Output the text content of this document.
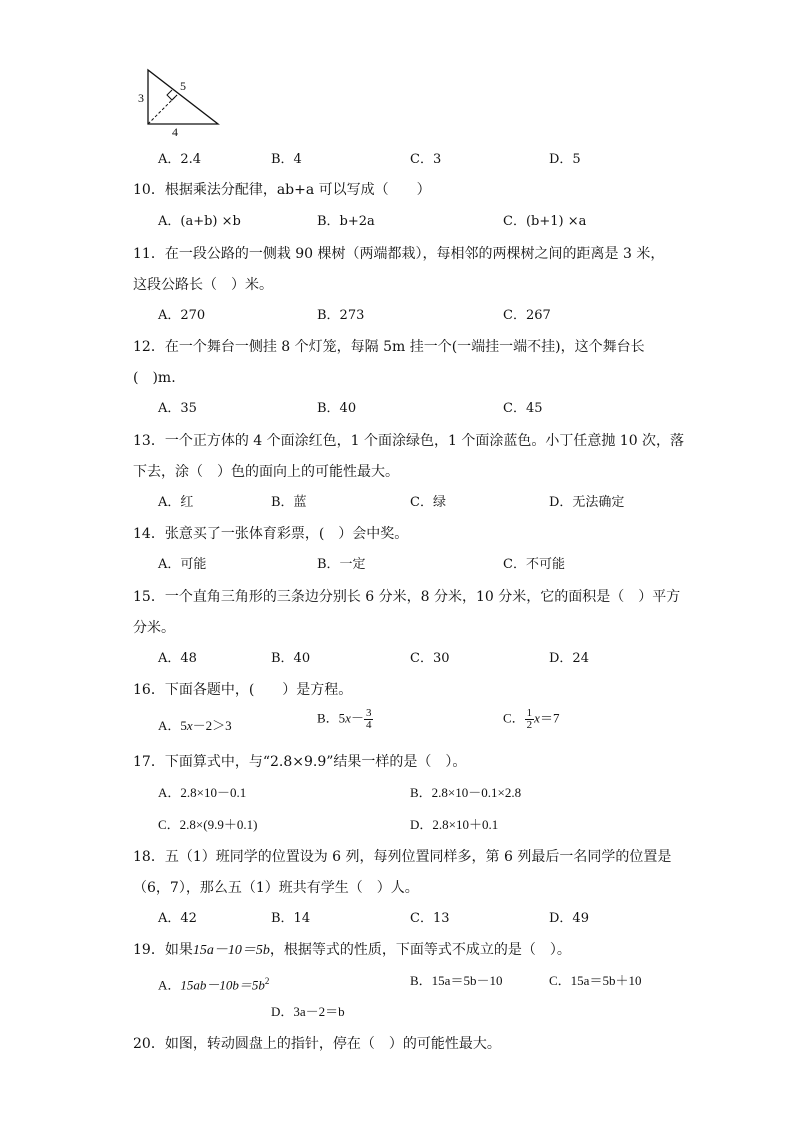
3
5
4
A．2.4	B．4	C．3	D．5
10．根据乘法分配律，ab+a 可以写成（　　）
A．(a+b) ×b	B．b+2a	C．(b+1) ×a
11．在一段公路的一侧栽 90 棵树（两端都栽），每相邻的两棵树之间的距离是 3 米，
这段公路长（　）米。
A．270	B．273	C．267
12．在一个舞台一侧挂 8 个灯笼，每隔 5m 挂一个(一端挂一端不挂)，这个舞台长
(　)m.
A．35	B．40	C．45
13．一个正方体的 4 个面涂红色，1 个面涂绿色，1 个面涂蓝色。小丁任意抛 10 次，落
下去，涂（　）色的面向上的可能性最大。
A．红	B．蓝	C．绿	D．无法确定
14．张意买了一张体育彩票，(　）会中奖。
A．可能	B．一定	C．不可能
15．一个直角三角形的三条边分别长 6 分米，8 分米，10 分米，它的面积是（　）平方
分米。
A．48	B．40	C．30	D．24
16．下面各题中，(　　）是方程。
A．5x－2＞3
B．$5x- \frac{3}{4}$	C． $\frac{1}{2} x=7$
17．下面算式中，与“2.8×9.9”结果一样的是（　）。
A．2.8×10－0.1	B．2.8×10－0.1×2.8
C．2.8×(9.9＋0.1)	D．2.8×10＋0.1
18．五（1）班同学的位置设为 6 列，每列位置同样多，第 6 列最后一名同学的位置是
（6，7），那么五（1）班共有学生（　）人。
A．42	B．14	C．13	D．49
19．如果15a－10＝5b，根据等式的性质，下面等式不成立的是（　）。
A．$15ab-10b=5b^2$	B．15a＝5b－10	C．15a＝5b＋10
D．3a－2＝b
20．如图，转动圆盘上的指针，停在（　）的可能性最大。
